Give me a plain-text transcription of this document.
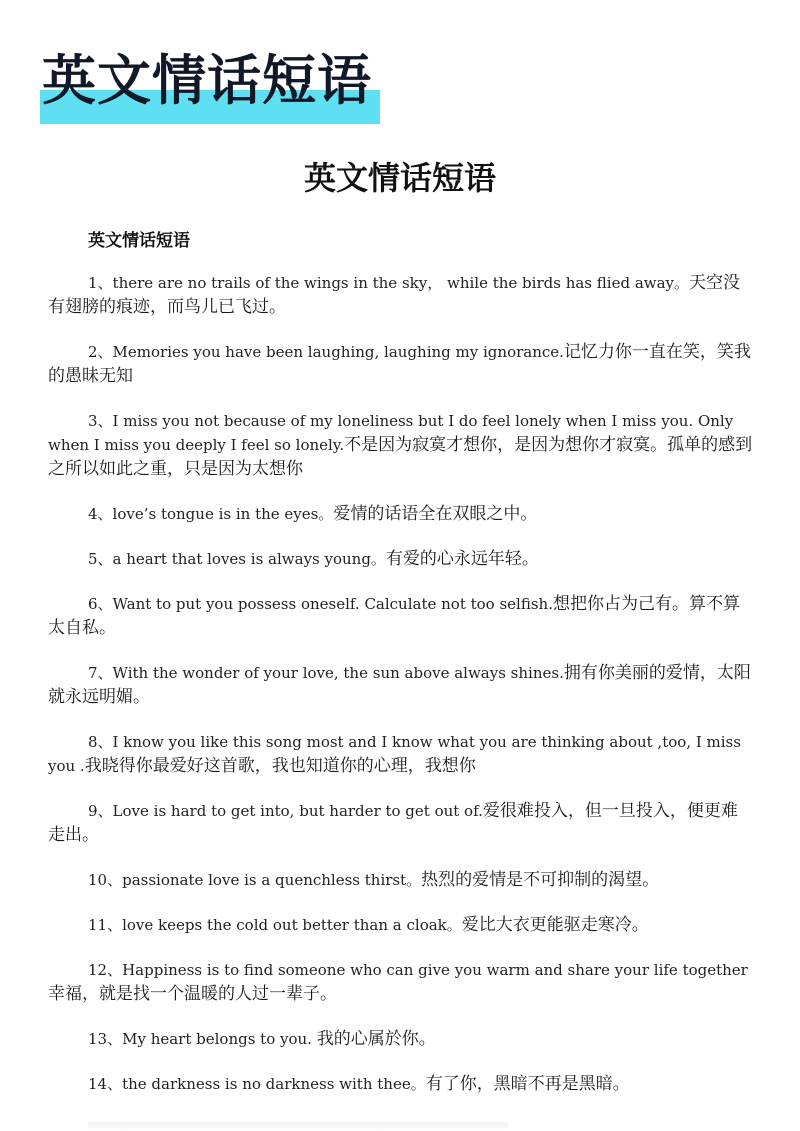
英文情话短语
英文情话短语
英文情话短语

1、there are no trails of the wings in the sky， while the birds has flied away。天空没有翅膀的痕迹，而鸟儿已飞过。

2、Memories you have been laughing, laughing my ignorance.记忆力你一直在笑，笑我的愚昧无知

3、I miss you not because of my loneliness but I do feel lonely when I miss you. Only when I miss you deeply I feel so lonely.不是因为寂寞才想你，是因为想你才寂寞。孤单的感到之所以如此之重，只是因为太想你

4、love’s tongue is in the eyes。爱情的话语全在双眼之中。

5、a heart that loves is always young。有爱的心永远年轻。

6、Want to put you possess oneself. Calculate not too selfish.想把你占为己有。算不算太自私。

7、With the wonder of your love, the sun above always shines.拥有你美丽的爱情，太阳就永远明媚。

8、I know you like this song most and I know what you are thinking about ,too, I miss you .我晓得你最爱好这首歌，我也知道你的心理，我想你

9、Love is hard to get into, but harder to get out of.爱很难投入，但一旦投入，便更难走出。

10、passionate love is a quenchless thirst。热烈的爱情是不可抑制的渴望。

11、love keeps the cold out better than a cloak。爱比大衣更能驱走寒冷。

12、Happiness is to find someone who can give you warm and share your life together 幸福，就是找一个温暖的人过一辈子。

13、My heart belongs to you. 我的心属於你。

14、the darkness is no darkness with thee。有了你，黑暗不再是黑暗。
